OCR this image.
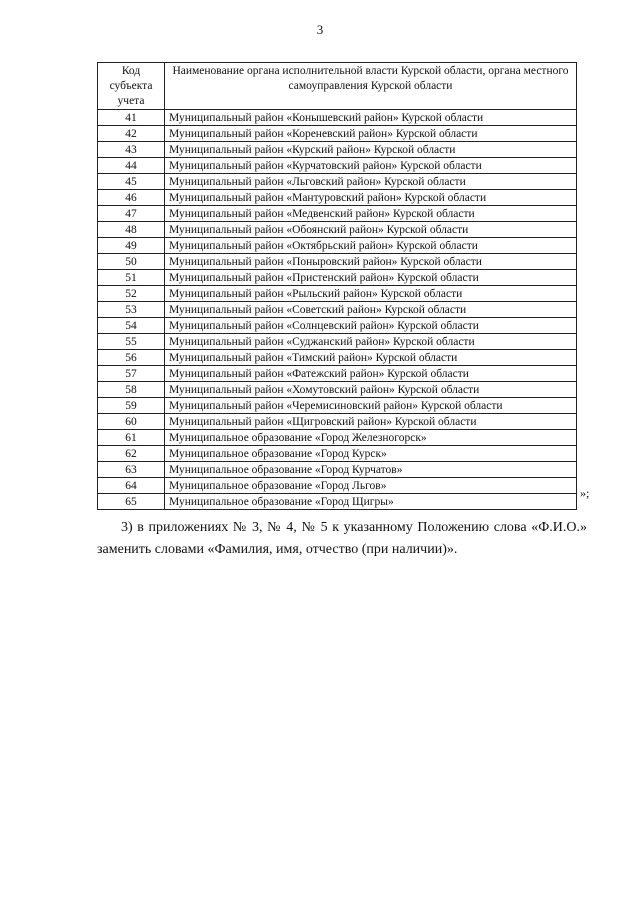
3
Код субъекта учета	Наименование органа исполнительной власти Курской области, органа местного самоуправления Курской области
41	Муниципальный район «Конышевский район» Курской области
42	Муниципальный район «Кореневский район» Курской области
43	Муниципальный район «Курский район» Курской области
44	Муниципальный район «Курчатовский район» Курской области
45	Муниципальный район «Льговский район» Курской области
46	Муниципальный район «Мантуровский район» Курской области
47	Муниципальный район «Медвенский район» Курской области
48	Муниципальный район «Обоянский район» Курской области
49	Муниципальный район «Октябрьский район» Курской области
50	Муниципальный район «Поныровский район» Курской области
51	Муниципальный район «Пристенский район» Курской области
52	Муниципальный район «Рыльский район» Курской области
53	Муниципальный район «Советский район» Курской области
54	Муниципальный район «Солнцевский район» Курской области
55	Муниципальный район «Суджанский район» Курской области
56	Муниципальный район «Тимский район» Курской области
57	Муниципальный район «Фатежский район» Курской области
58	Муниципальный район «Хомутовский район» Курской области
59	Муниципальный район «Черемисиновский район» Курской области
60	Муниципальный район «Щигровский район» Курской области
61	Муниципальное образование «Город Железногорск»
62	Муниципальное образование «Город Курск»
63	Муниципальное образование «Город Курчатов»
64	Муниципальное образование «Город Льгов»
65	Муниципальное образование «Город Щигры»
»;

3) в приложениях № 3, № 4, № 5 к указанному Положению слова «Ф.И.О.» заменить словами «Фамилия, имя, отчество (при наличии)».
